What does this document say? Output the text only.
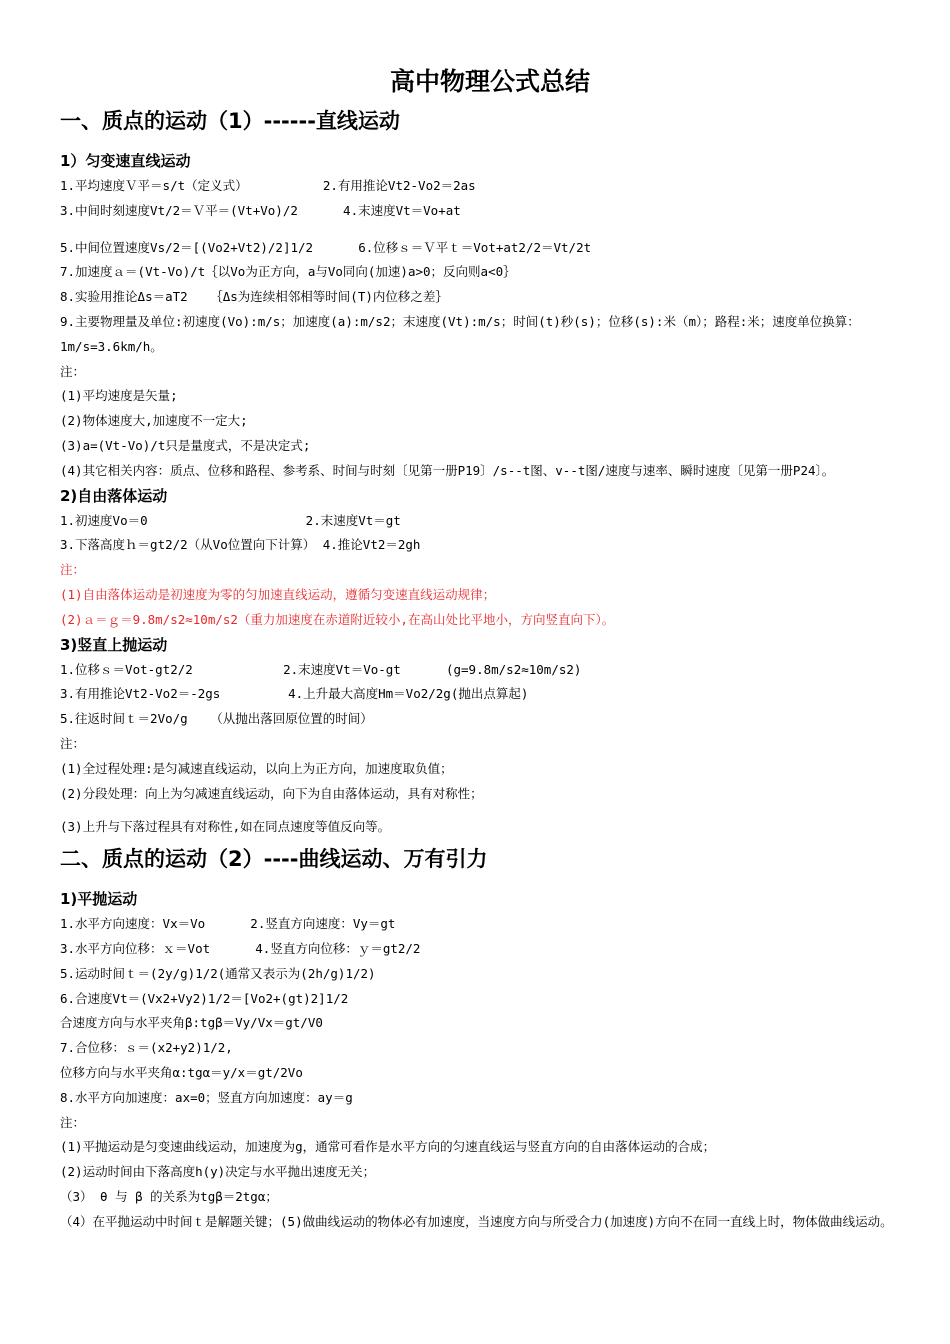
高中物理公式总结
一、质点的运动（1）------直线运动
1）匀变速直线运动

1.平均速度Ｖ平＝s/t（定义式）          2.有用推论Vt2-Vo2＝2as

3.中间时刻速度Vt/2＝Ｖ平＝(Vt+Vo)/2      4.末速度Vt＝Vo+at

5.中间位置速度Vs/2＝[(Vo2+Vt2)/2]1/2      6.位移ｓ＝Ｖ平ｔ＝Vot+at2/2＝Vt/2t

7.加速度ａ＝(Vt-Vo)/t｛以Vo为正方向，a与Vo同向(加速)a>0；反向则a<0｝

8.实验用推论Δs＝aT2   ｛Δs为连续相邻相等时间(T)内位移之差｝

9.主要物理量及单位:初速度(Vo):m/s；加速度(a):m/s2；末速度(Vt):m/s；时间(t)秒(s)；位移(s):米（m）；路程:米；速度单位换算：1m/s=3.6km/h。

注：

(1)平均速度是矢量;

(2)物体速度大,加速度不一定大;

(3)a=(Vt-Vo)/t只是量度式，不是决定式;

(4)其它相关内容：质点、位移和路程、参考系、时间与时刻〔见第一册P19〕/s--t图、v--t图/速度与速率、瞬时速度〔见第一册P24〕。

2)自由落体运动

1.初速度Vo＝0                     2.末速度Vt＝gt

3.下落高度ｈ＝gt2/2（从Vo位置向下计算） 4.推论Vt2＝2gh

注：

(1)自由落体运动是初速度为零的匀加速直线运动，遵循匀变速直线运动规律；

(2)ａ＝ｇ＝9.8m/s2≈10m/s2（重力加速度在赤道附近较小,在高山处比平地小，方向竖直向下）。

3)竖直上抛运动

1.位移ｓ＝Vot-gt2/2            2.末速度Vt＝Vo-gt      (g=9.8m/s2≈10m/s2)

3.有用推论Vt2-Vo2＝-2gs         4.上升最大高度Hm＝Vo2/2g(抛出点算起)

5.往返时间ｔ＝2Vo/g   （从抛出落回原位置的时间）

注：

(1)全过程处理:是匀减速直线运动，以向上为正方向，加速度取负值；

(2)分段处理：向上为匀减速直线运动，向下为自由落体运动，具有对称性；

(3)上升与下落过程具有对称性,如在同点速度等值反向等。

二、质点的运动（2）----曲线运动、万有引力
1)平抛运动

1.水平方向速度：Vx＝Vo      2.竖直方向速度：Vy＝gt

3.水平方向位移：ｘ＝Vot      4.竖直方向位移：ｙ＝gt2/2

5.运动时间ｔ＝(2y/g)1/2(通常又表示为(2h/g)1/2)

6.合速度Vt＝(Vx2+Vy2)1/2＝[Vo2+(gt)2]1/2

合速度方向与水平夹角β:tgβ＝Vy/Vx＝gt/V0

7.合位移：ｓ＝(x2+y2)1/2,

位移方向与水平夹角α:tgα＝y/x＝gt/2Vo

8.水平方向加速度：ax=0；竖直方向加速度：ay＝g

注：

(1)平抛运动是匀变速曲线运动，加速度为g，通常可看作是水平方向的匀速直线运与竖直方向的自由落体运动的合成；

(2)运动时间由下落高度h(y)决定与水平抛出速度无关；

（3） θ 与 β 的关系为tgβ＝2tgα；

（4）在平抛运动中时间ｔ是解题关键；(5)做曲线运动的物体必有加速度，当速度方向与所受合力(加速度)方向不在同一直线上时，物体做曲线运动。
